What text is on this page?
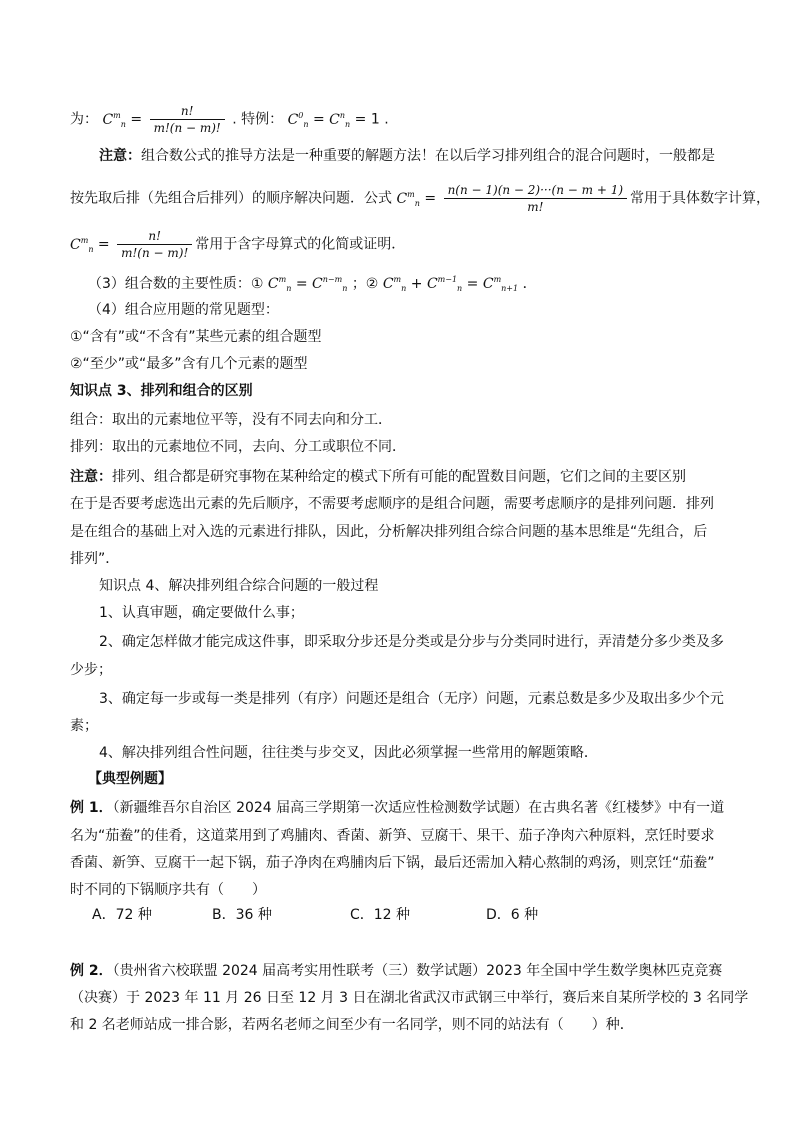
为： $C^m_n = \frac{n!}{m!(n - m)!}$ . 特例： $C^0_n = C^n_n = 1$ .
注意：组合数公式的推导方法是一种重要的解题方法！在以后学习排列组合的混合问题时，一般都是
按先取后排（先组合后排列）的顺序解决问题．公式 $C^m_n = \frac{n(n - 1)(n - 2)\cdot\cdot\cdot(n - m + 1)}{m!}$ 常用于具体数字计算，
$C^m_n = \frac{n!}{m!(n - m)!}$ 常用于含字母算式的化简或证明．
（3）组合数的主要性质：① $C^m_n = C^{n-m}_n$ ；② $C^m_n + C^{m-1}_n = C^m_{n+1}$ ．
（4）组合应用题的常见题型：
①“含有”或“不含有”某些元素的组合题型
②“至少”或“最多”含有几个元素的题型
知识点 3、排列和组合的区别
组合：取出的元素地位平等，没有不同去向和分工．
排列：取出的元素地位不同，去向、分工或职位不同．
注意：排列、组合都是研究事物在某种给定的模式下所有可能的配置数目问题，它们之间的主要区别
在于是否要考虑选出元素的先后顺序，不需要考虑顺序的是组合问题，需要考虑顺序的是排列问题．排列
是在组合的基础上对入选的元素进行排队，因此，分析解决排列组合综合问题的基本思维是“先组合，后
排列”．
知识点 4、解决排列组合综合问题的一般过程
1、认真审题，确定要做什么事；
2、确定怎样做才能完成这件事，即采取分步还是分类或是分步与分类同时进行，弄清楚分多少类及多
少步；
3、确定每一步或每一类是排列（有序）问题还是组合（无序）问题，元素总数是多少及取出多少个元
素；
4、解决排列组合性问题，往往类与步交叉，因此必须掌握一些常用的解题策略．
【典型例题】
例 1．（新疆维吾尔自治区 2024 届高三学期第一次适应性检测数学试题）在古典名著《红楼梦》中有一道
名为“茄鲞”的佳肴，这道菜用到了鸡脯肉、香菌、新笋、豆腐干、果干、茄子净肉六种原料，烹饪时要求
香菌、新笋、豆腐干一起下锅，茄子净肉在鸡脯肉后下锅，最后还需加入精心熬制的鸡汤，则烹饪“茄鲞”
时不同的下锅顺序共有（　　）
A．72 种	B．36 种	C．12 种	D．6 种
例 2．（贵州省六校联盟 2024 届高考实用性联考（三）数学试题）2023 年全国中学生数学奥林匹克竞赛
（决赛）于 2023 年 11 月 26 日至 12 月 3 日在湖北省武汉市武钢三中举行，赛后来自某所学校的 3 名同学
和 2 名老师站成一排合影，若两名老师之间至少有一名同学，则不同的站法有（　　）种．
